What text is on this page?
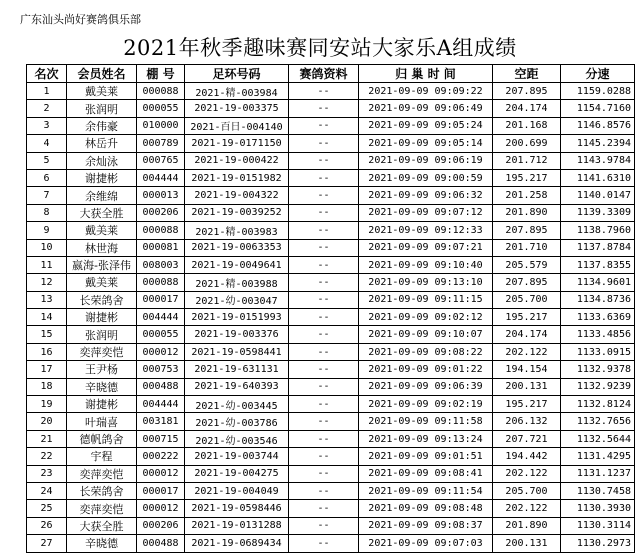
广东汕头尚好赛鸽俱乐部
2021年秋季趣味赛同安站大家乐A组成绩
名次	会员姓名	棚 号	足环号码	赛鸽资料	归 巢 时 间	空距	分速
1	戴美莱	000088	2021-精-003984	--	2021-09-09 09:09:22	207.895	1159.0288
2	张润明	000055	2021-19-003375	--	2021-09-09 09:06:49	204.174	1154.7160
3	余伟豪	010000	2021-百日-004140	--	2021-09-09 09:05:24	201.168	1146.8576
4	林岳升	000789	2021-19-0171150	--	2021-09-09 09:05:14	200.699	1145.2394
5	余灿泳	000765	2021-19-000422	--	2021-09-09 09:06:19	201.712	1143.9784
6	谢捷彬	004444	2021-19-0151982	--	2021-09-09 09:00:59	195.217	1141.6310
7	余维绵	000013	2021-19-004322	--	2021-09-09 09:06:32	201.258	1140.0147
8	大获全胜	000206	2021-19-0039252	--	2021-09-09 09:07:12	201.890	1139.3309
9	戴美莱	000088	2021-精-003983	--	2021-09-09 09:12:33	207.895	1138.7960
10	林世海	000081	2021-19-0063353	--	2021-09-09 09:07:21	201.710	1137.8784
11	嬴海-张泽伟	008003	2021-19-0049641	--	2021-09-09 09:10:40	205.579	1137.8355
12	戴美莱	000088	2021-精-003988	--	2021-09-09 09:13:10	207.895	1134.9601
13	长荣鸽舍	000017	2021-幼-003047	--	2021-09-09 09:11:15	205.700	1134.8736
14	谢捷彬	004444	2021-19-0151993	--	2021-09-09 09:02:12	195.217	1133.6369
15	张润明	000055	2021-19-003376	--	2021-09-09 09:10:07	204.174	1133.4856
16	奕萍奕恺	000012	2021-19-0598441	--	2021-09-09 09:08:22	202.122	1133.0915
17	王尹杨	000753	2021-19-631131	--	2021-09-09 09:01:22	194.154	1132.9378
18	辛晓德	000488	2021-19-640393	--	2021-09-09 09:06:39	200.131	1132.9239
19	谢捷彬	004444	2021-幼-003445	--	2021-09-09 09:02:19	195.217	1132.8124
20	叶瑞喜	003181	2021-幼-003786	--	2021-09-09 09:11:58	206.132	1132.7656
21	德帆鸽舍	000715	2021-幼-003546	--	2021-09-09 09:13:24	207.721	1132.5644
22	宇程	000222	2021-19-003744	--	2021-09-09 09:01:51	194.442	1131.4295
23	奕萍奕恺	000012	2021-19-004275	--	2021-09-09 09:08:41	202.122	1131.1237
24	长荣鸽舍	000017	2021-19-004049	--	2021-09-09 09:11:54	205.700	1130.7458
25	奕萍奕恺	000012	2021-19-0598446	--	2021-09-09 09:08:48	202.122	1130.3930
26	大获全胜	000206	2021-19-0131288	--	2021-09-09 09:08:37	201.890	1130.3114
27	辛晓德	000488	2021-19-0689434	--	2021-09-09 09:07:03	200.131	1130.2973
